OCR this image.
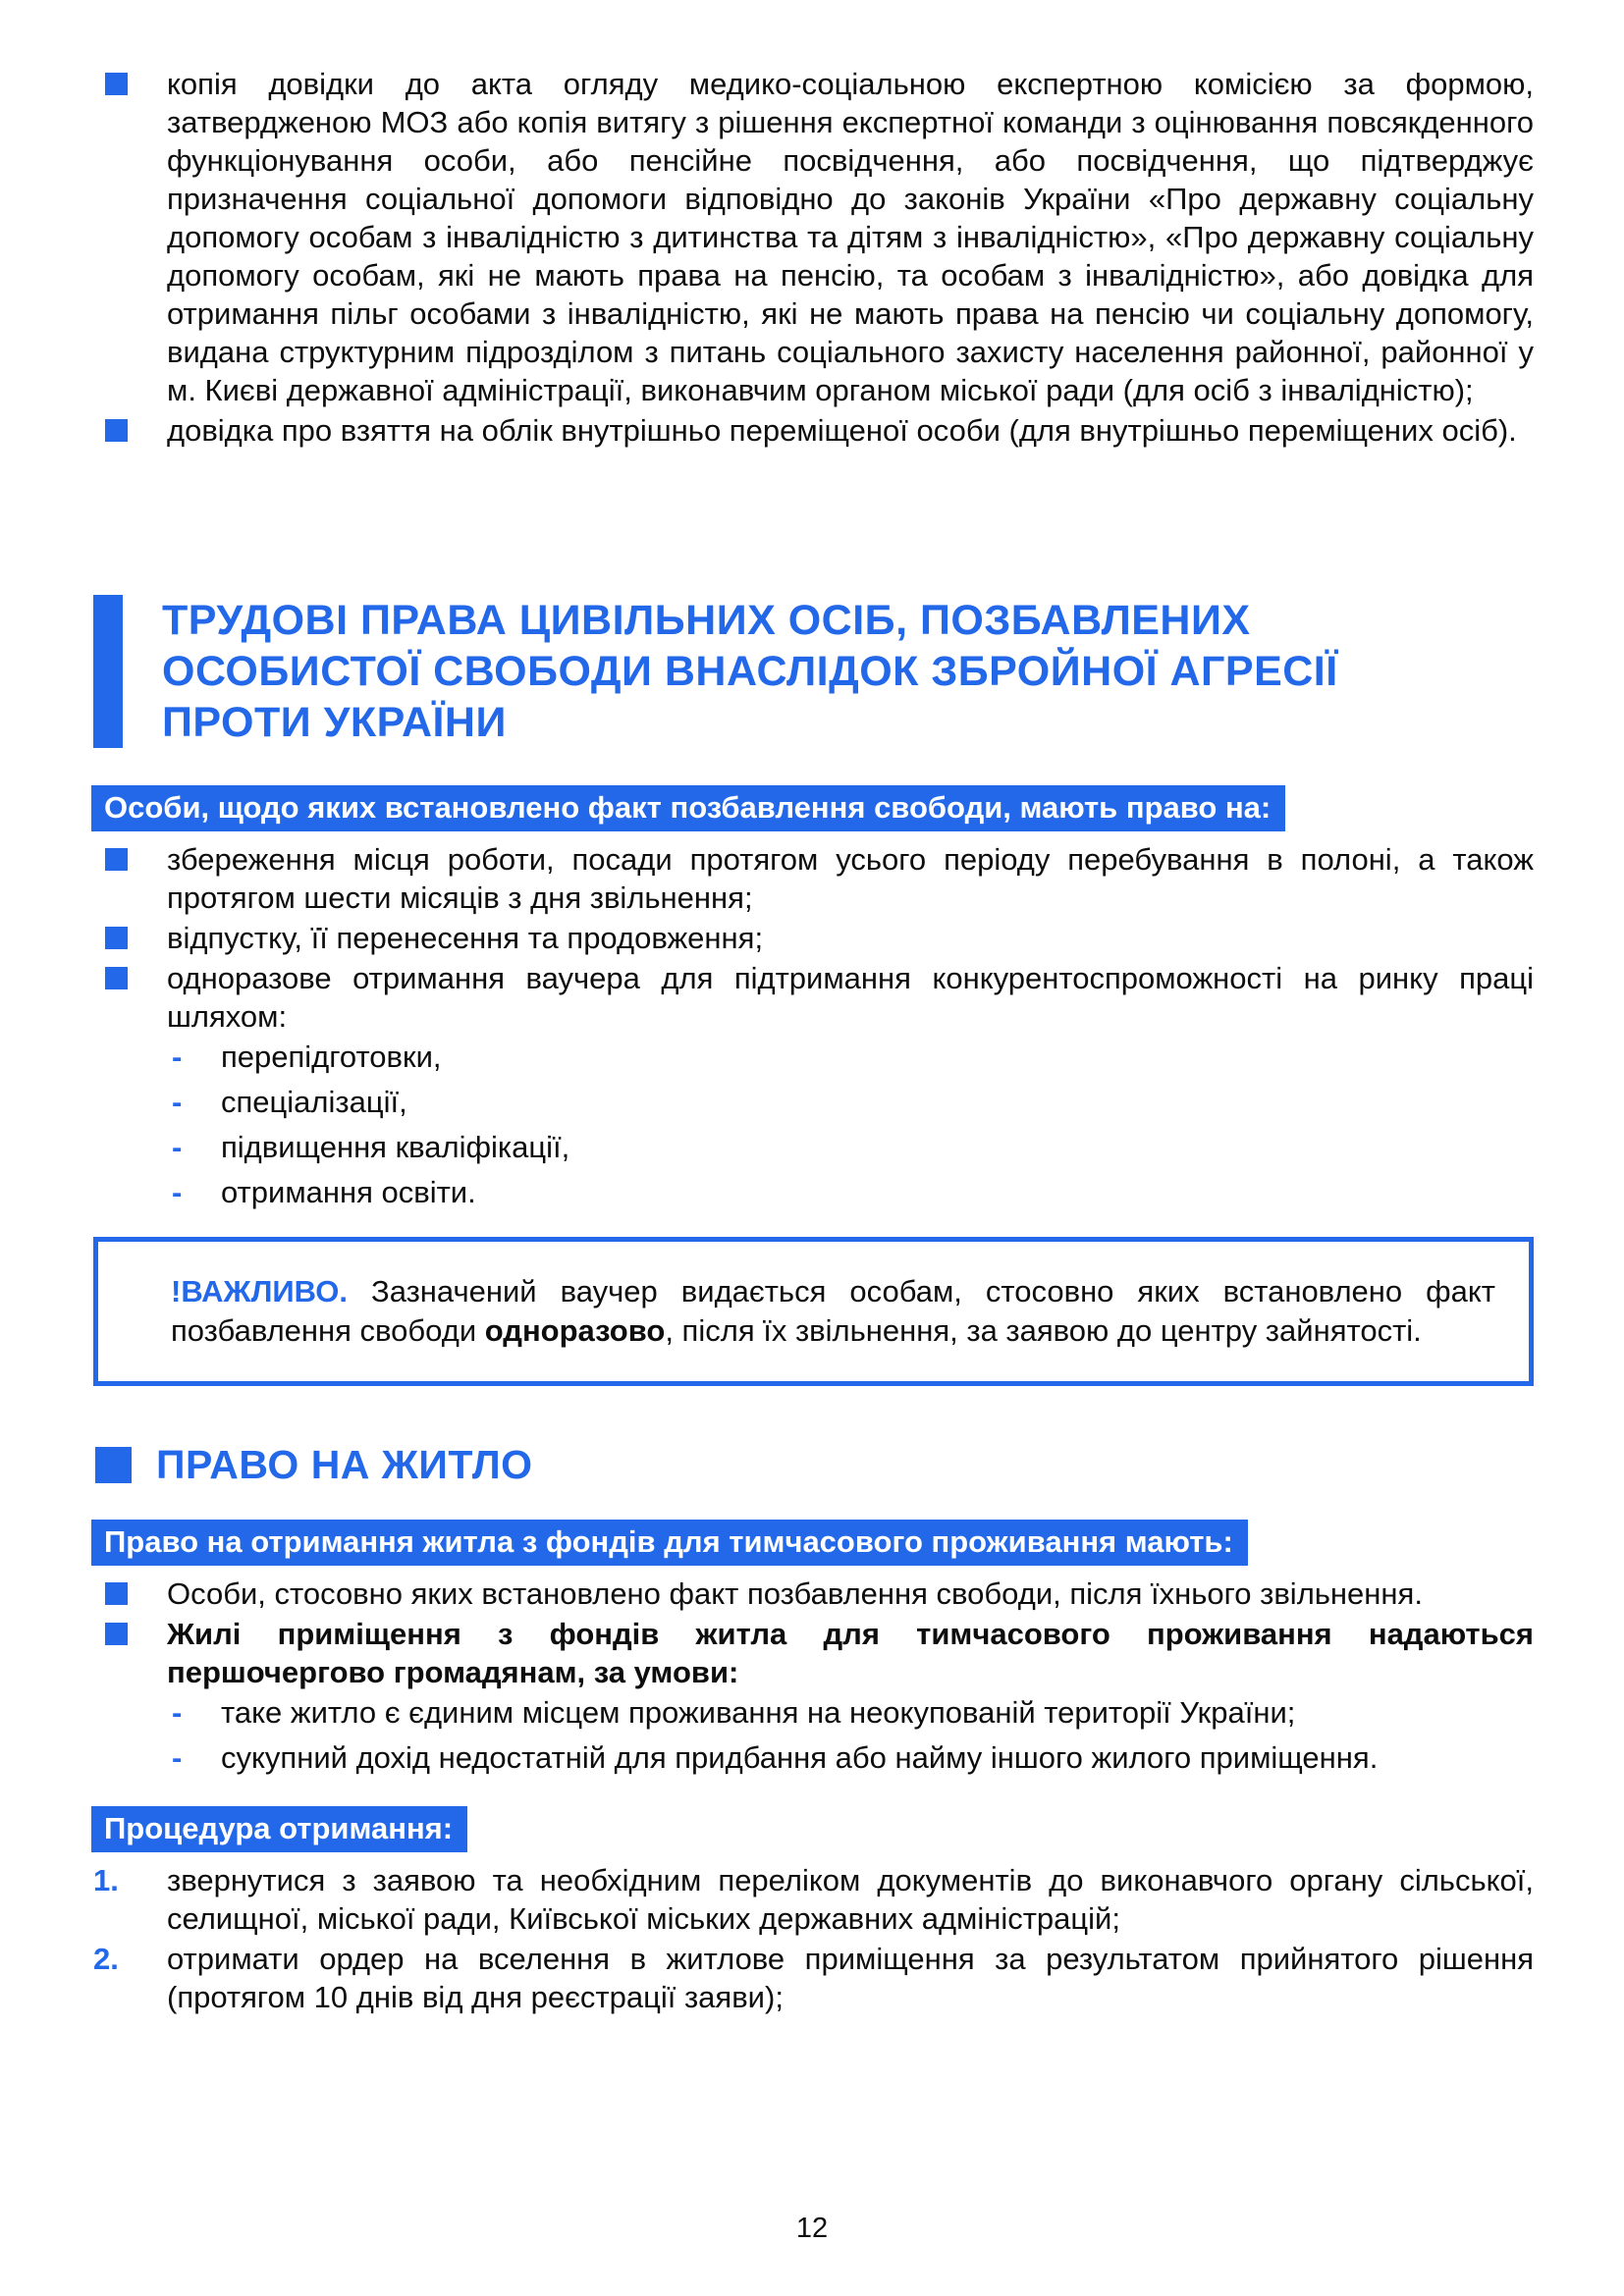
копія довідки до акта огляду медико-соціальною експертною комісією за формою, затвердженою МОЗ або копія витягу з рішення експертної команди з оцінювання повсякденного функціонування особи, або пенсійне посвідчення, або посвідчення, що підтверджує призначення соціальної допомоги відповідно до законів України «Про державну соціальну допомогу особам з інвалідністю з дитинства та дітям з інвалідністю», «Про державну соціальну допомогу особам, які не мають права на пенсію, та особам з інвалідністю», або довідка для отримання пільг особами з інвалідністю, які не мають права на пенсію чи соціальну допомогу, видана структурним підрозділом з питань соціального захисту населення районної, районної у м. Києві державної адміністрації, виконавчим органом міської ради (для осіб з інвалідністю);
довідка про взяття на облік внутрішньо переміщеної особи (для внутрішньо переміщених осіб).
ТРУДОВІ ПРАВА ЦИВІЛЬНИХ ОСІБ, ПОЗБАВЛЕНИХ ОСОБИСТОЇ СВОБОДИ ВНАСЛІДОК ЗБРОЙНОЇ АГРЕСІЇ ПРОТИ УКРАЇНИ
Особи, щодо яких встановлено факт позбавлення свободи, мають право на:
збереження місця роботи, посади протягом усього періоду перебування в полоні, а також протягом шести місяців з дня звільнення;
відпустку, її перенесення та продовження;
одноразове отримання ваучера для підтримання конкурентоспроможності на ринку праці шляхом:
- перепідготовки,
- спеціалізації,
- підвищення кваліфікації,
- отримання освіти.
!ВАЖЛИВО. Зазначений ваучер видається особам, стосовно яких встановлено факт позбавлення свободи одноразово, після їх звільнення, за заявою до центру зайнятості.
ПРАВО НА ЖИТЛО
Право на отримання житла з фондів для тимчасового проживання мають:
Особи, стосовно яких встановлено факт позбавлення свободи, після їхнього звільнення.
Жилі приміщення з фондів житла для тимчасового проживання надаються першочергово громадянам, за умови:
- таке житло є єдиним місцем проживання на неокупованій території України;
- сукупний дохід недостатній для придбання або найму іншого жилого приміщення.
Процедура отримання:
1. звернутися з заявою та необхідним переліком документів до виконавчого органу сільської, селищної, міської ради, Київської міських державних адміністрацій;
2. отримати ордер на вселення в житлове приміщення за результатом прийнятого рішення (протягом 10 днів від дня реєстрації заяви);
12
